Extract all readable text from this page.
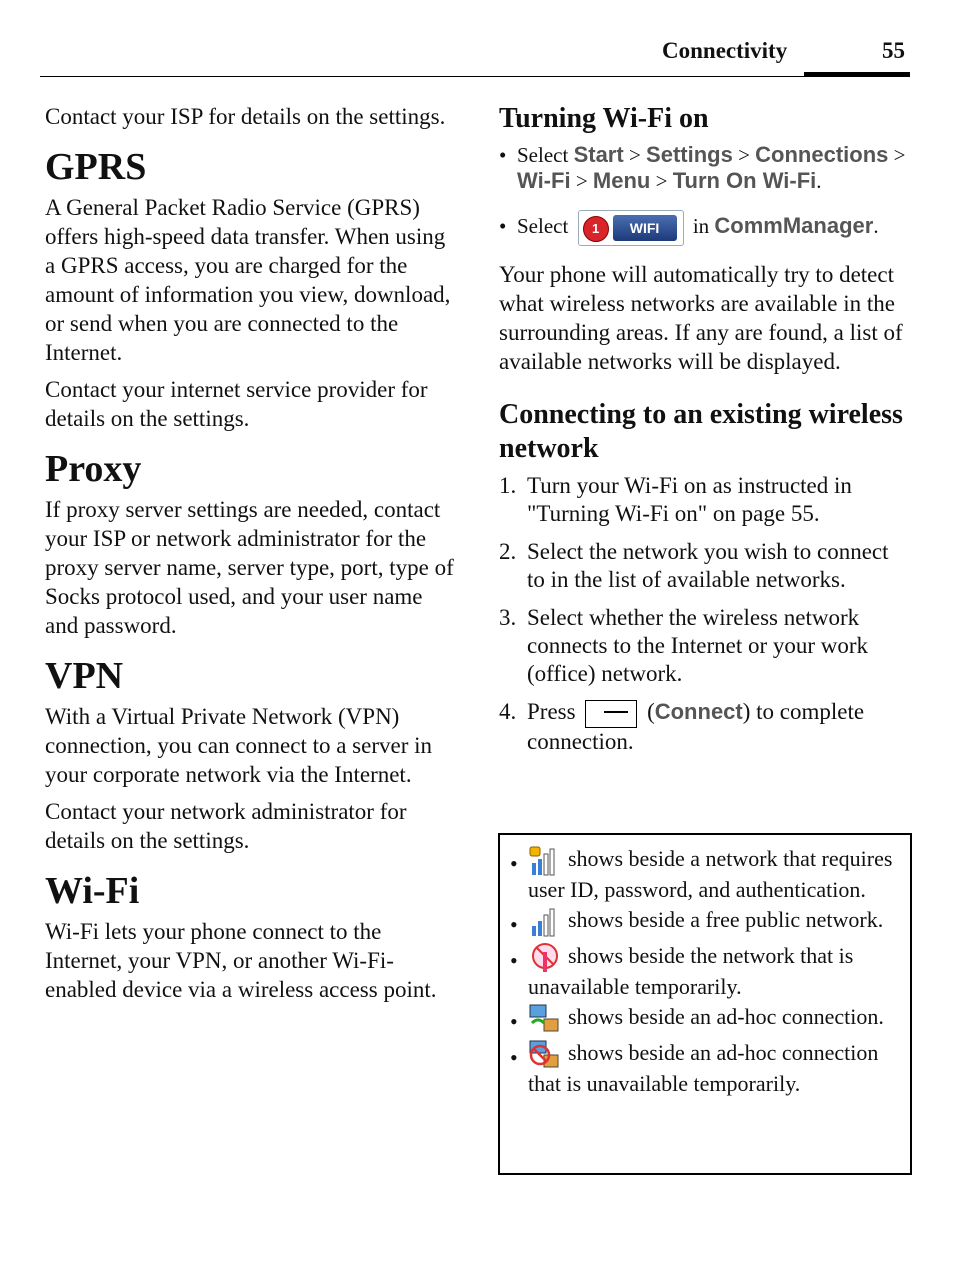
Connectivity	55

Contact your ISP for details on the settings.

GPRS

A General Packet Radio Service (GPRS) offers high-speed data transfer. When using a GPRS access, you are charged for the amount of information you view, download, or send when you are connected to the Internet.

Contact your internet service provider for details on the settings.

Proxy

If proxy server settings are needed, contact your ISP or network administrator for the proxy server name, server type, port, type of Socks protocol used, and your user name and password.

VPN

With a Virtual Private Network (VPN) connection, you can connect to a server in your corporate network via the Internet.

Contact your network administrator for details on the settings.

Wi-Fi

Wi-Fi lets your phone connect to the Internet, your VPN, or another Wi-Fi-enabled device via a wireless access point.

Turning Wi-Fi on
• Select Start > Settings > Connections > Wi-Fi > Menu > Turn On Wi-Fi.
• Select	1	WIFI	in CommManager.

Your phone will automatically try to detect what wireless networks are available in the surrounding areas. If any are found, a list of available networks will be displayed.

Connecting to an existing wireless network
1. Turn your Wi-Fi on as instructed in "Turning Wi-Fi on" on page 55.
2. Select the network you wish to connect to in the list of available networks.
3. Select whether the wireless network connects to the Internet or your work (office) network.
4. Press	(Connect) to complete connection.
• shows beside a network that requires user ID, password, and authentication.
• shows beside a free public network.
• shows beside the network that is unavailable temporarily.
• shows beside an ad-hoc connection.
• shows beside an ad-hoc connection that is unavailable temporarily.
